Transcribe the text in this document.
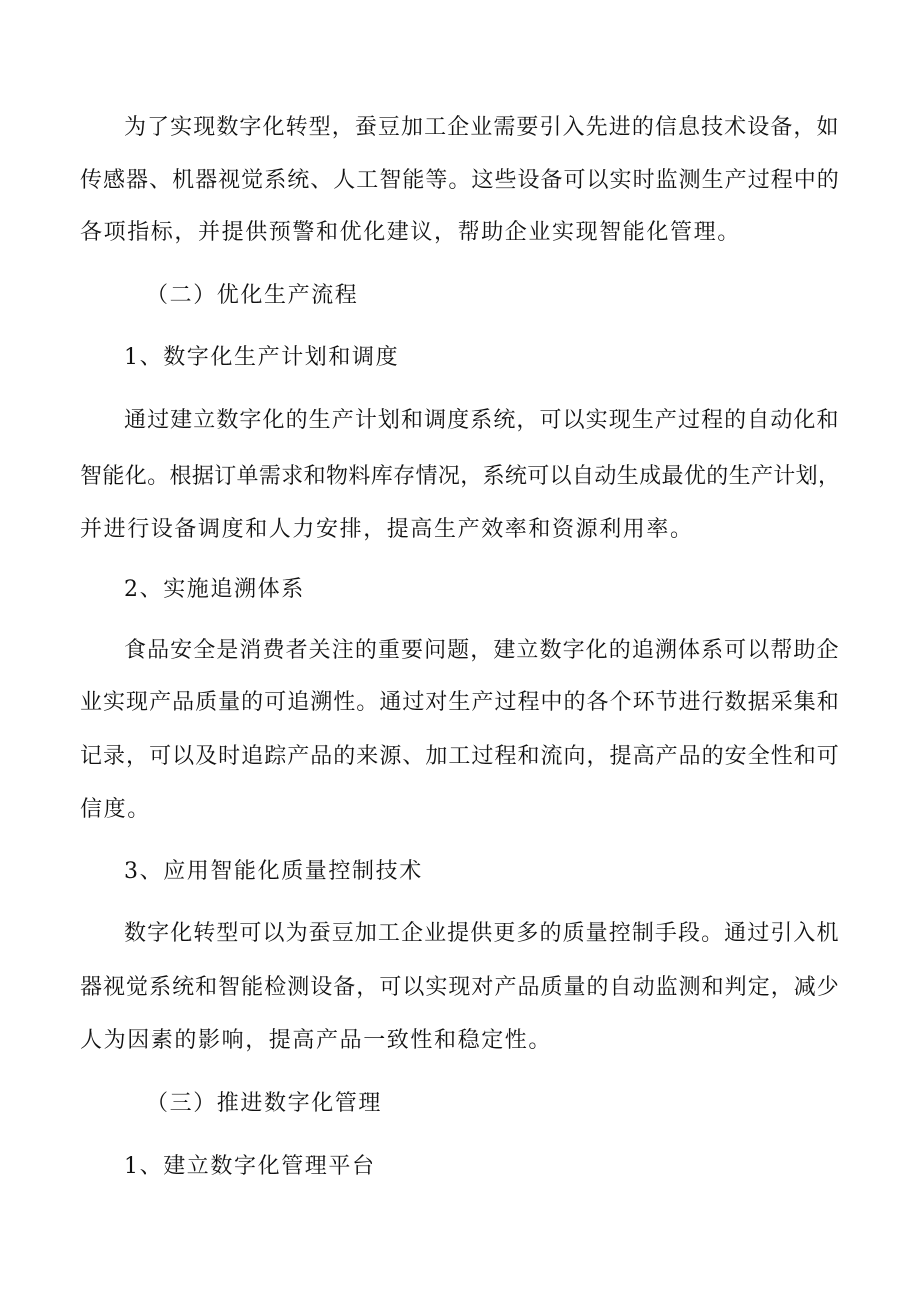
为了实现数字化转型，蚕豆加工企业需要引入先进的信息技术设备，如
传感器、机器视觉系统、人工智能等。这些设备可以实时监测生产过程中的
各项指标，并提供预警和优化建议，帮助企业实现智能化管理。
（二）优化生产流程
1、数字化生产计划和调度
通过建立数字化的生产计划和调度系统，可以实现生产过程的自动化和
智能化。根据订单需求和物料库存情况，系统可以自动生成最优的生产计划，
并进行设备调度和人力安排，提高生产效率和资源利用率。
2、实施追溯体系
食品安全是消费者关注的重要问题，建立数字化的追溯体系可以帮助企
业实现产品质量的可追溯性。通过对生产过程中的各个环节进行数据采集和
记录，可以及时追踪产品的来源、加工过程和流向，提高产品的安全性和可
信度。
3、应用智能化质量控制技术
数字化转型可以为蚕豆加工企业提供更多的质量控制手段。通过引入机
器视觉系统和智能检测设备，可以实现对产品质量的自动监测和判定，减少
人为因素的影响，提高产品一致性和稳定性。
（三）推进数字化管理
1、建立数字化管理平台
